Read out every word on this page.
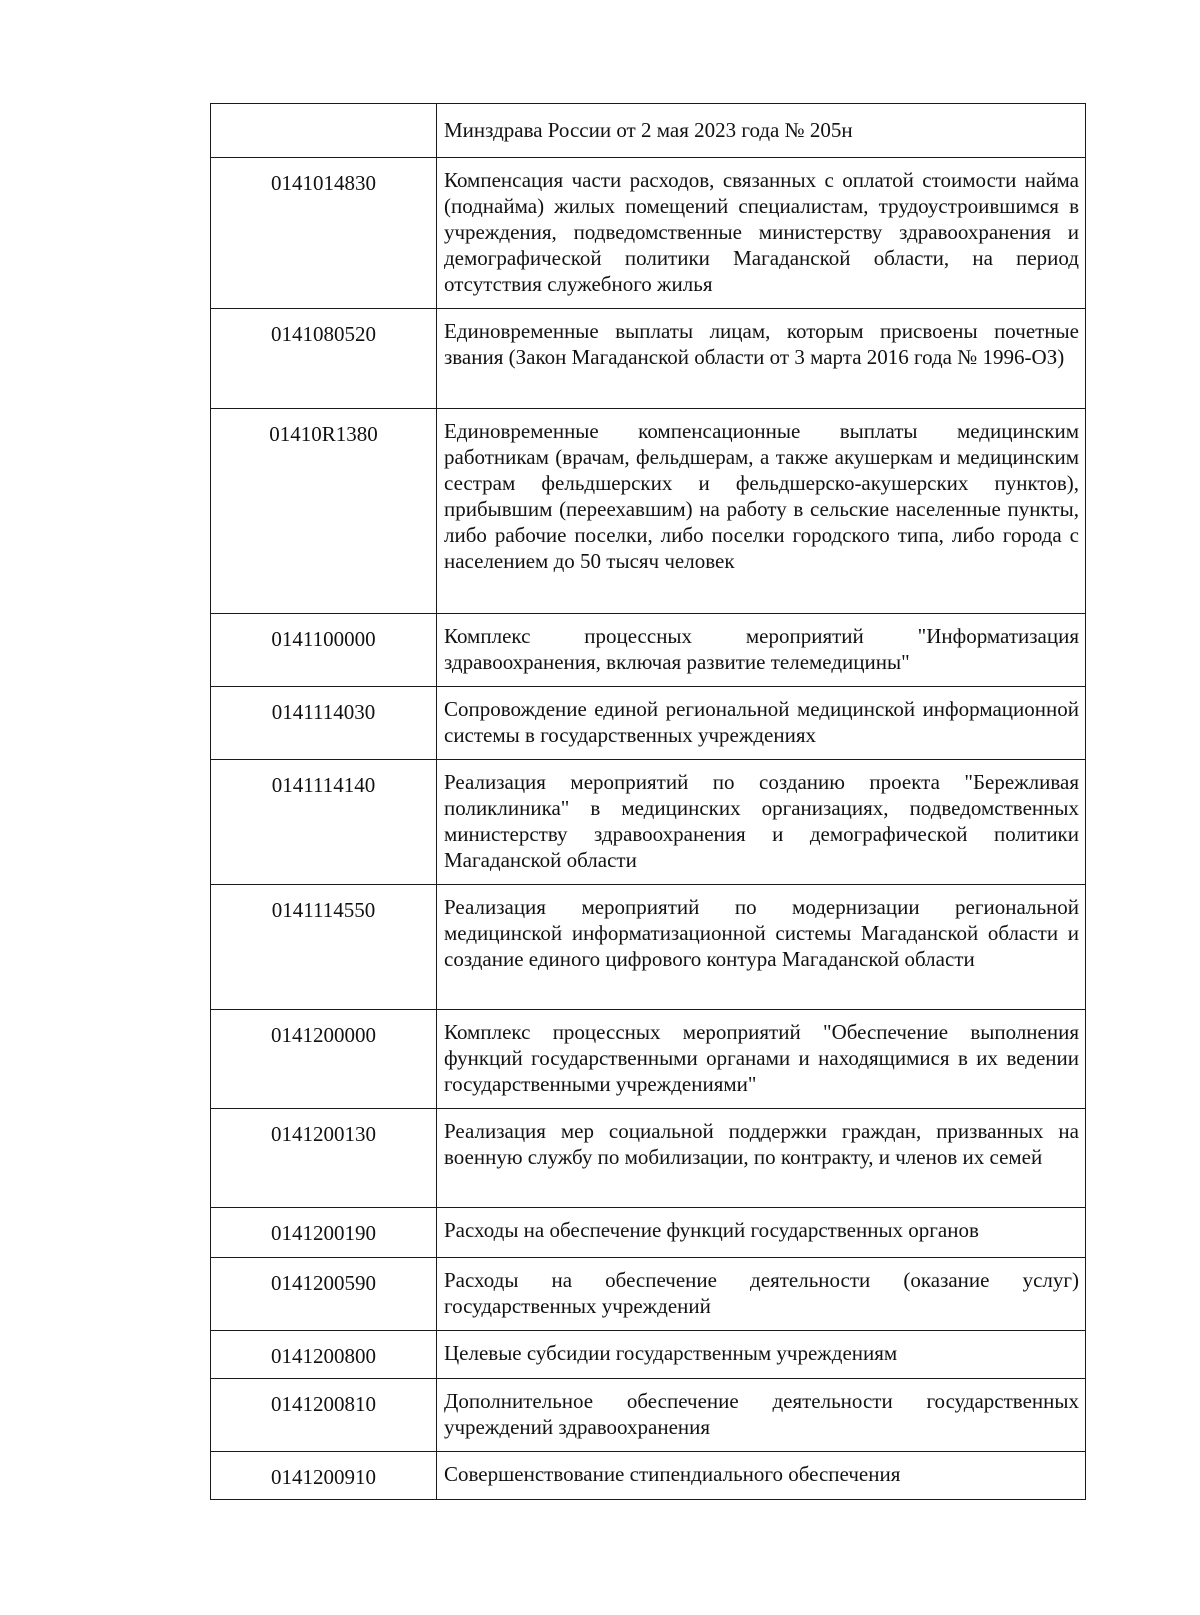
	Минздрава России от 2 мая 2023 года № 205н
0141014830	Компенсация части расходов, связанных с оплатой стоимости найма (поднайма) жилых помещений специалистам, трудоустроившимся в учреждения, подведомственные министерству здравоохранения и демографической политики Магаданской области, на период отсутствия служебного жилья
0141080520	Единовременные выплаты лицам, которым присвоены почетные звания (Закон Магаданской области от 3 марта 2016 года № 1996-ОЗ)
01410R1380	Единовременные компенсационные выплаты медицинским работникам (врачам, фельдшерам, а также акушеркам и медицинским сестрам фельдшерских и фельдшерско-акушерских пунктов), прибывшим (переехавшим) на работу в сельские населенные пункты, либо рабочие поселки, либо поселки городского типа, либо города с населением до 50 тысяч человек
0141100000	Комплекс процессных мероприятий "Информатизация здравоохранения, включая развитие телемедицины"
0141114030	Сопровождение единой региональной медицинской информационной системы в государственных учреждениях
0141114140	Реализация мероприятий по созданию проекта "Бережливая поликлиника" в медицинских организациях, подведомственных министерству здравоохранения и демографической политики Магаданской области
0141114550	Реализация мероприятий по модернизации региональной медицинской информатизационной системы Магаданской области и создание единого цифрового контура Магаданской области
0141200000	Комплекс процессных мероприятий "Обеспечение выполнения функций государственными органами и находящимися в их ведении государственными учреждениями"
0141200130	Реализация мер социальной поддержки граждан, призванных на военную службу по мобилизации, по контракту, и членов их семей
0141200190	Расходы на обеспечение функций государственных органов
0141200590	Расходы на обеспечение деятельности (оказание услуг) государственных учреждений
0141200800	Целевые субсидии государственным учреждениям
0141200810	Дополнительное обеспечение деятельности государственных учреждений здравоохранения
0141200910	Совершенствование стипендиального обеспечения
